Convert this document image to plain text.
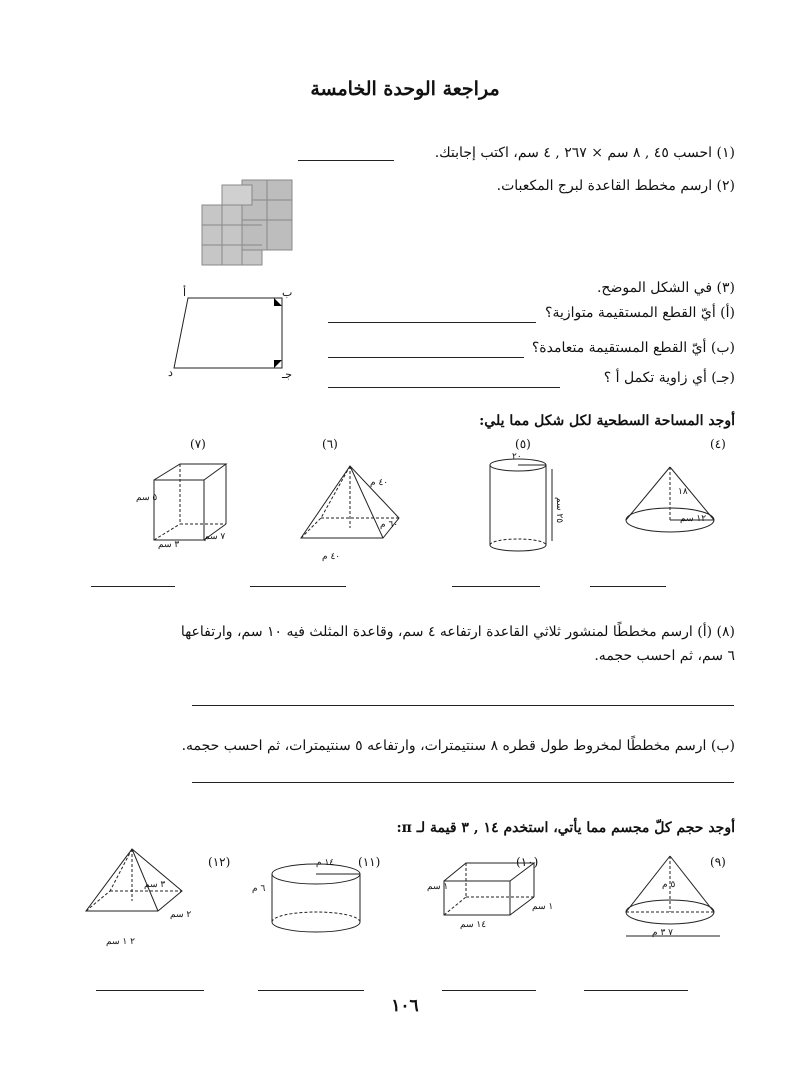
مراجعة الوحدة الخامسة
(١) احسب ٤٥ , ٨ سم × ٢٦٧ , ٤ سم، اكتب إجابتك.
(٢) ارسم مخطط القاعدة لبرج المكعبات.
(٣) في الشكل الموضح.
(أ) أيّ القطع المستقيمة متوازية؟
(ب) أيّ القطع المستقيمة متعامدة؟
(جـ) أي زاوية تكمل أ ؟
أ	ب
جـ
د
أوجد المساحة السطحية لكل شكل مما يلي:
(٤)
(٥)
(٦)
(٧)
١٨
١٢ سم
٢٠
٢٥ سم
٤٠ م
٤٠ م
٦٠ م
٥ سم
٣ سم
٧ سم
(٨) (أ) ارسم مخططًا لمنشور ثلاثي القاعدة ارتفاعه ٤ سم، وقاعدة المثلث فيه ١٠ سم، وارتفاعها
٦ سم، ثم احسب حجمه.
(ب) ارسم مخططًا لمخروط طول قطره ٨ سنتيمترات، وارتفاعه ٥ سنتيمترات، ثم احسب حجمه.
أوجد حجم كلّ مجسم مما يأتي، استخدم ١٤ , ٣ قيمة لـ π:
(٩)
(١٠)
(١١)
(١٢)
٥ م
٧ ٣ م
١ سم
١٤ سم
١ سم
١٤ م
٦ م
٣ سم
٢ سم
٢ ١ سم
١٠٦
